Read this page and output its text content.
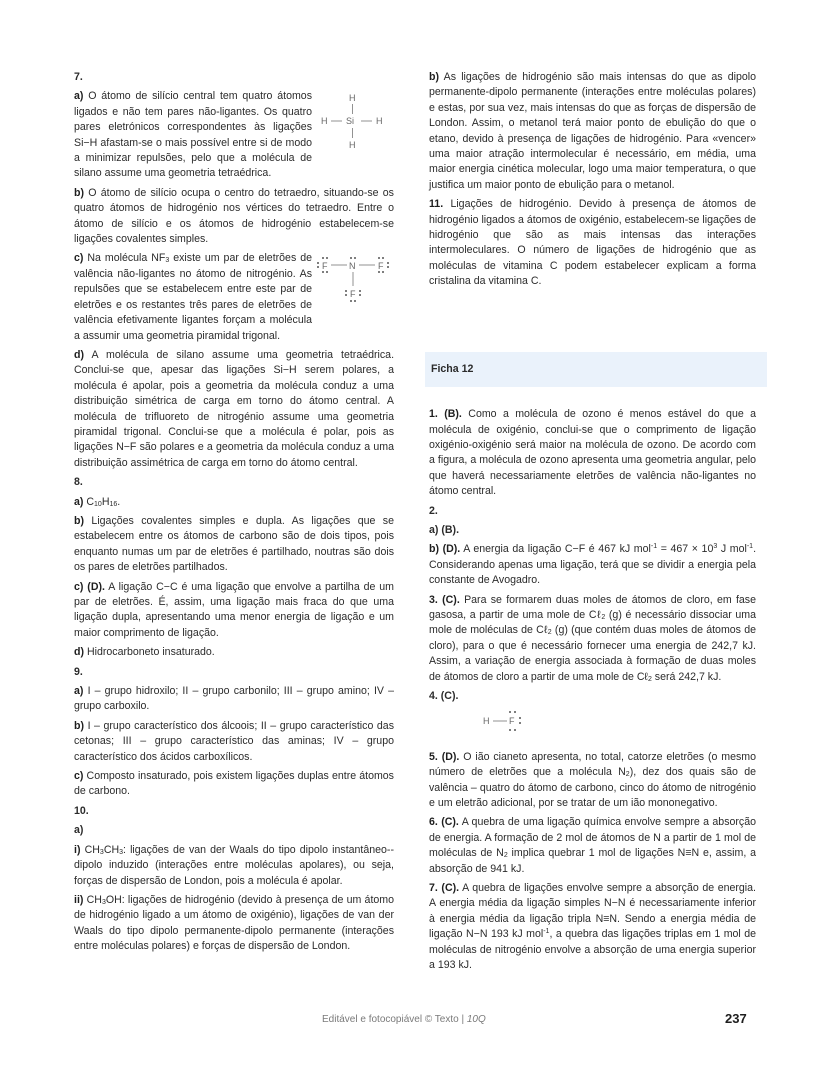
7.
a) O átomo de silício central tem quatro átomos ligados e não tem pares não-ligantes. Os quatro pares eletrónicos correspondentes às ligações Si−H afastam-se o mais possível entre si de modo a minimizar repulsões, pelo que a molécula de silano assume uma geometria tetraédrica.
H
H Si H
H
b) O átomo de silício ocupa o centro do tetraedro, situando-se os quatro átomos de hidrogénio nos vértices do tetraedro. Entre o átomo de silício e os átomos de hidrogénio estabelecem-se ligações covalentes simples.
c) Na molécula $NF_3$ existe um par de eletrões de valência não-ligantes no átomo de nitrogénio. As repulsões que se estabelecem entre este par de eletrões e os restantes três pares de eletrões de valência efetivamente ligantes forçam a molécula a assumir uma geometria piramidal trigonal.
F N	F
F
d) A molécula de silano assume uma geometria tetraédrica. Conclui-se que, apesar das ligações Si−H serem polares, a molécula é apolar, pois a geometria da molécula conduz a uma distribuição simétrica de carga em torno do átomo central. A molécula de trifluoreto de nitrogénio assume uma geometria piramidal trigonal. Conclui-se que a molécula é polar, pois as ligações N−F são polares e a geometria da molécula conduz a uma distribuição assimétrica de carga em torno do átomo central.
8.
a) $C_{10}H_{16}$.
b) Ligações covalentes simples e dupla. As ligações que se estabelecem entre os átomos de carbono são de dois tipos, pois enquanto numas um par de eletrões é partilhado, noutras são dois os pares de eletrões partilhados.
c) (D). A ligação C−C é uma ligação que envolve a partilha de um par de eletrões. É, assim, uma ligação mais fraca do que uma ligação dupla, apresentando uma menor energia de ligação e um maior comprimento de ligação.
d) Hidrocarboneto insaturado.
9.
a) I – grupo hidroxilo; II – grupo carbonilo; III – grupo amino; IV – grupo carboxilo.
b) I – grupo característico dos álcoois; II – grupo característico das cetonas; III – grupo característico das aminas; IV – grupo característico dos ácidos carboxílicos.
c) Composto insaturado, pois existem ligações duplas entre átomos de carbono.
10.
a)
i) $CH_3CH_3$: ligações de van der Waals do tipo dipolo instantâneo--dipolo induzido (interações entre moléculas apolares), ou seja, forças de dispersão de London, pois a molécula é apolar.
ii) $CH_3OH$: ligações de hidrogénio (devido à presença de um átomo de hidrogénio ligado a um átomo de oxigénio), ligações de van der Waals do tipo dipolo permanente-dipolo permanente (interações entre moléculas polares) e forças de dispersão de London.
b) As ligações de hidrogénio são mais intensas do que as dipolo permanente-dipolo permanente (interações entre moléculas polares) e estas, por sua vez, mais intensas do que as forças de dispersão de London. Assim, o metanol terá maior ponto de ebulição do que o etano, devido à presença de ligações de hidrogénio. Para «vencer» uma maior atração intermolecular é necessário, em média, uma maior energia cinética molecular, logo uma maior temperatura, o que justifica um maior ponto de ebulição para o metanol.
11. Ligações de hidrogénio. Devido à presença de átomos de hidrogénio ligados a átomos de oxigénio, estabelecem-se ligações de hidrogénio que são as mais intensas das interações intermoleculares. O número de ligações de hidrogénio que as moléculas de vitamina C podem estabelecer explicam a forma cristalina da vitamina C.
Ficha 12
1. (B). Como a molécula de ozono é menos estável do que a molécula de oxigénio, conclui-se que o comprimento de ligação oxigénio-oxigénio será maior na molécula de ozono. De acordo com a figura, a molécula de ozono apresenta uma geometria angular, pelo que haverá necessariamente eletrões de valência não-ligantes no átomo central.
2.
a) (B).
b) (D). A energia da ligação C−F é 467 kJ $mol^{-1} = 467 \times 10^3$ J mol$^{-1}$. Considerando apenas uma ligação, terá que se dividir a energia pela constante de Avogadro.
3. (C). Para se formarem duas moles de átomos de cloro, em fase gasosa, a partir de uma mole de Cℓ$_2$ (g) é necessário dissociar uma mole de moléculas de Cℓ$_2$ (g) (que contém duas moles de átomos de cloro), para o que é necessário fornecer uma energia de 242,7 kJ. Assim, a variação de energia associada à formação de duas moles de átomos de cloro a partir de uma mole de Cℓ$_2$ será 242,7 kJ.
4. (C).
H F
5. (D). O ião cianeto apresenta, no total, catorze eletrões (o mesmo número de eletrões que a molécula $N_2$), dez dos quais são de valência – quatro do átomo de carbono, cinco do átomo de nitrogénio e um eletrão adicional, por se tratar de um ião mononegativo.
6. (C). A quebra de uma ligação química envolve sempre a absorção de energia. A formação de 2 mol de átomos de N a partir de 1 mol de moléculas de $N_2$ implica quebrar 1 mol de ligações N≡N e, assim, a absorção de 941 kJ.
7. (C). A quebra de ligações envolve sempre a absorção de energia. A energia média da ligação simples N−N é necessariamente inferior à energia média da ligação tripla N≡N. Sendo a energia média de ligação N−N 193 kJ mol$^{-1}$, a quebra das ligações triplas em 1 mol de moléculas de nitrogénio envolve a absorção de uma energia superior a 193 kJ.
Editável e fotocopiável © Texto | 10Q	237
